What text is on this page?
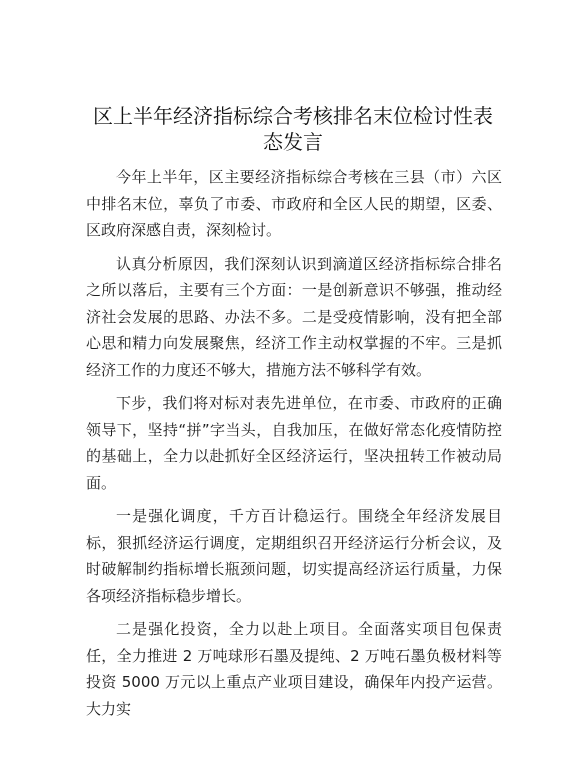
区上半年经济指标综合考核排名末位检讨性表态发言

今年上半年，区主要经济指标综合考核在三县（市）六区中排名末位，辜负了市委、市政府和全区人民的期望，区委、区政府深感自责，深刻检讨。

认真分析原因，我们深刻认识到滴道区经济指标综合排名之所以落后，主要有三个方面：一是创新意识不够强，推动经济社会发展的思路、办法不多。二是受疫情影响，没有把全部心思和精力向发展聚焦，经济工作主动权掌握的不牢。三是抓经济工作的力度还不够大，措施方法不够科学有效。

下步，我们将对标对表先进单位，在市委、市政府的正确领导下，坚持“拼”字当头，自我加压，在做好常态化疫情防控的基础上，全力以赴抓好全区经济运行，坚决扭转工作被动局面。

一是强化调度，千方百计稳运行。围绕全年经济发展目标，狠抓经济运行调度，定期组织召开经济运行分析会议，及时破解制约指标增长瓶颈问题，切实提高经济运行质量，力保各项经济指标稳步增长。

二是强化投资，全力以赴上项目。全面落实项目包保责任，全力推进 2 万吨球形石墨及提纯、2 万吨石墨负极材料等投资 5000 万元以上重点产业项目建设，确保年内投产运营。大力实
